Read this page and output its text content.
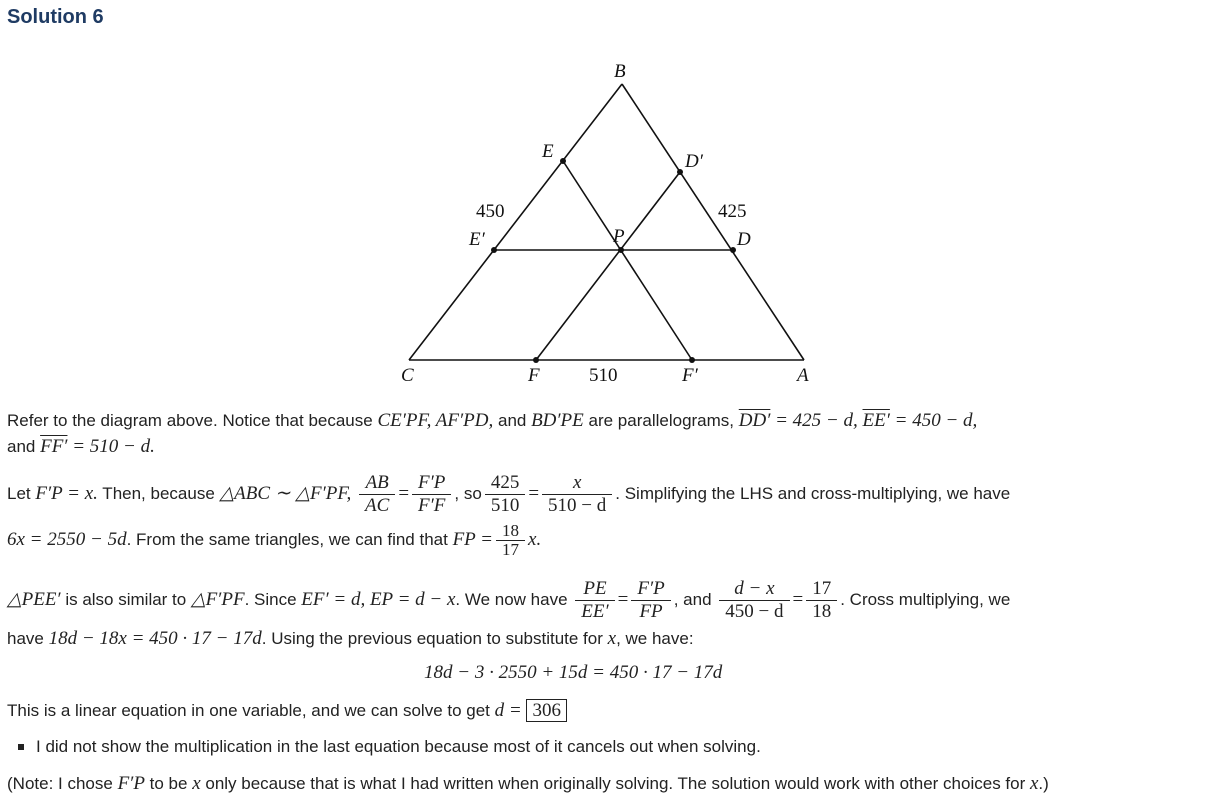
Solution 6
B
E	D′
450
E′	P
425
D
C	F	510	F′	A
Refer to the diagram above. Notice that because CE′PF, AF′PD, and BD′PE are parallelograms, DD′ = 425 − d, EE′ = 450 − d,
and FF′ = 510 − d.
Let F′P = x. Then, because △ABC ∼ △F′PF, $\frac{AB}{AC} = \frac{F'P}{F'F}$ , so $\frac{425}{510} = \frac{x}{510 - d}$ . Simplifying the LHS and cross-multiplying, we have
6x = 2550 − 5d. From the same triangles, we can find that FP = $\frac{18}{17} x$.
△PEE′ is also similar to △F′PF. Since EF′ = d, EP = d − x. We now have $\frac{PE}{EE'} = \frac{F'P}{FP}$ , and $\frac{d - x}{450 - d} = \frac{17}{18}$ . Cross multiplying, we
have 18d − 18x = 450 · 17 − 17d. Using the previous equation to substitute for x, we have:
18d − 3 · 2550 + 15d = 450 · 17 − 17d
This is a linear equation in one variable, and we can solve to get d = 306
I did not show the multiplication in the last equation because most of it cancels out when solving.
(Note: I chose F′P to be x only because that is what I had written when originally solving. The solution would work with other choices for x.)
